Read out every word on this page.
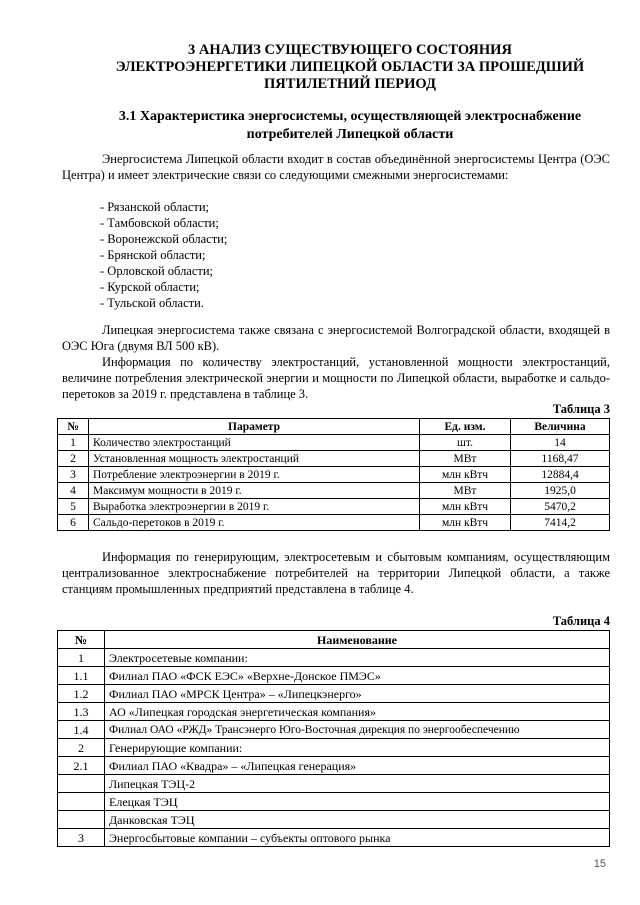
3 АНАЛИЗ СУЩЕСТВУЮЩЕГО СОСТОЯНИЯ
ЭЛЕКТРОЭНЕРГЕТИКИ ЛИПЕЦКОЙ ОБЛАСТИ ЗА ПРОШЕДШИЙ
ПЯТИЛЕТНИЙ ПЕРИОД
3.1 Характеристика энергосистемы, осуществляющей электроснабжение
потребителей Липецкой области

Энергосистема Липецкой области входит в состав объединённой энергосистемы Центра (ОЭС Центра) и имеет электрические связи со следующими смежными энергосистемами:

- Рязанской области;
- Тамбовской области;
- Воронежской области;
- Брянской области;
- Орловской области;
- Курской области;
- Тульской области.

Липецкая энергосистема также связана с энергосистемой Волгоградской области, входящей в ОЭС Юга (двумя ВЛ 500 кВ).

Информация по количеству электростанций, установленной мощности электростанций, величине потребления электрической энергии и мощности по Липецкой области, выработке и сальдо-перетоков за 2019 г. представлена в таблице 3.

Таблица 3
№	Параметр	Ед. изм.	Величина
1	Количество электростанций	шт.	14
2	Установленная мощность электростанций	МВт	1168,47
3	Потребление электроэнергии в 2019 г.	млн кВтч	12884,4
4	Максимум мощности в 2019 г.	МВт	1925,0
5	Выработка электроэнергии в 2019 г.	млн кВтч	5470,2
6	Сальдо-перетоков в 2019 г.	млн кВтч	7414,2

Информация по генерирующим, электросетевым и сбытовым компаниям, осуществляющим централизованное электроснабжение потребителей на территории Липецкой области, а также станциям промышленных предприятий представлена в таблице 4.

Таблица 4
№	Наименование
1	Электросетевые компании:
1.1	Филиал ПАО «ФСК ЕЭС» «Верхне-Донское ПМЭС»
1.2	Филиал ПАО «МРСК Центра» – «Липецкэнерго»
1.3	АО «Липецкая городская энергетическая компания»
1.4	Филиал ОАО «РЖД» Трансэнерго Юго-Восточная дирекция по энергообеспечению
2	Генерирующие компании:
2.1	Филиал ПАО «Квадра» – «Липецкая генерация»
	Липецкая ТЭЦ-2
	Елецкая ТЭЦ
	Данковская ТЭЦ
3	Энергосбытовые компании – субъекты оптового рынка
15
